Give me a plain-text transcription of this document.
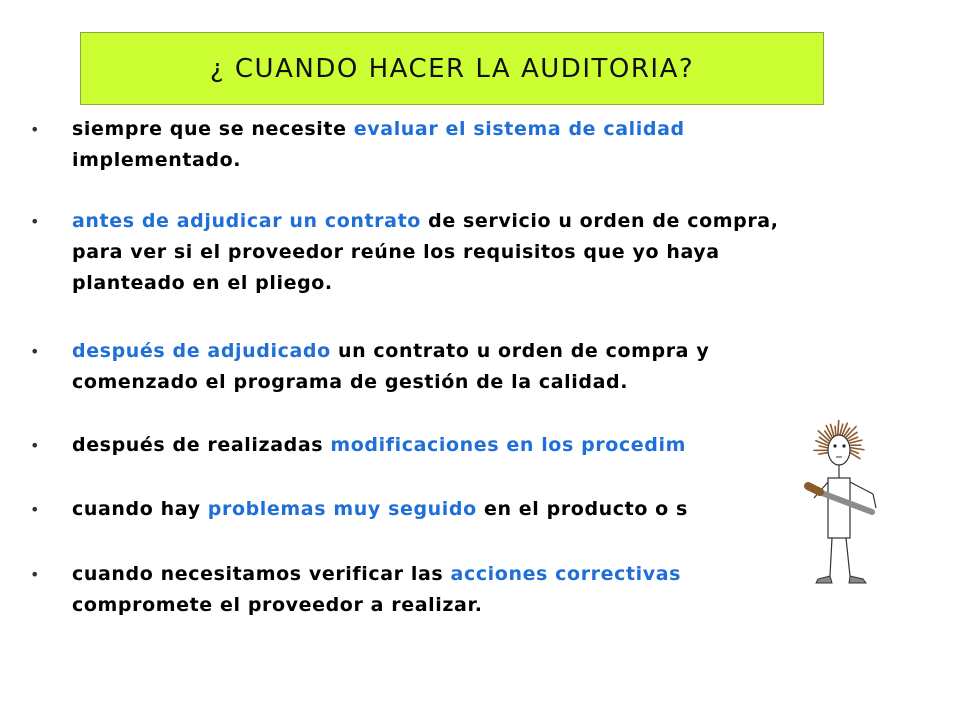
¿ CUANDO HACER LA AUDITORIA?
• siempre que se necesite evaluar el sistema de calidad
implementado.
• antes de adjudicar un contrato de servicio u orden de compra,
para ver si el proveedor reúne los requisitos que yo haya
planteado en el pliego.
• después de adjudicado un contrato u orden de compra y
comenzado el programa de gestión de la calidad.
• después de realizadas modificaciones en los procedim
• cuando hay problemas muy seguido en el producto o s
• cuando necesitamos verificar las acciones correctivas
compromete el proveedor a realizar.
